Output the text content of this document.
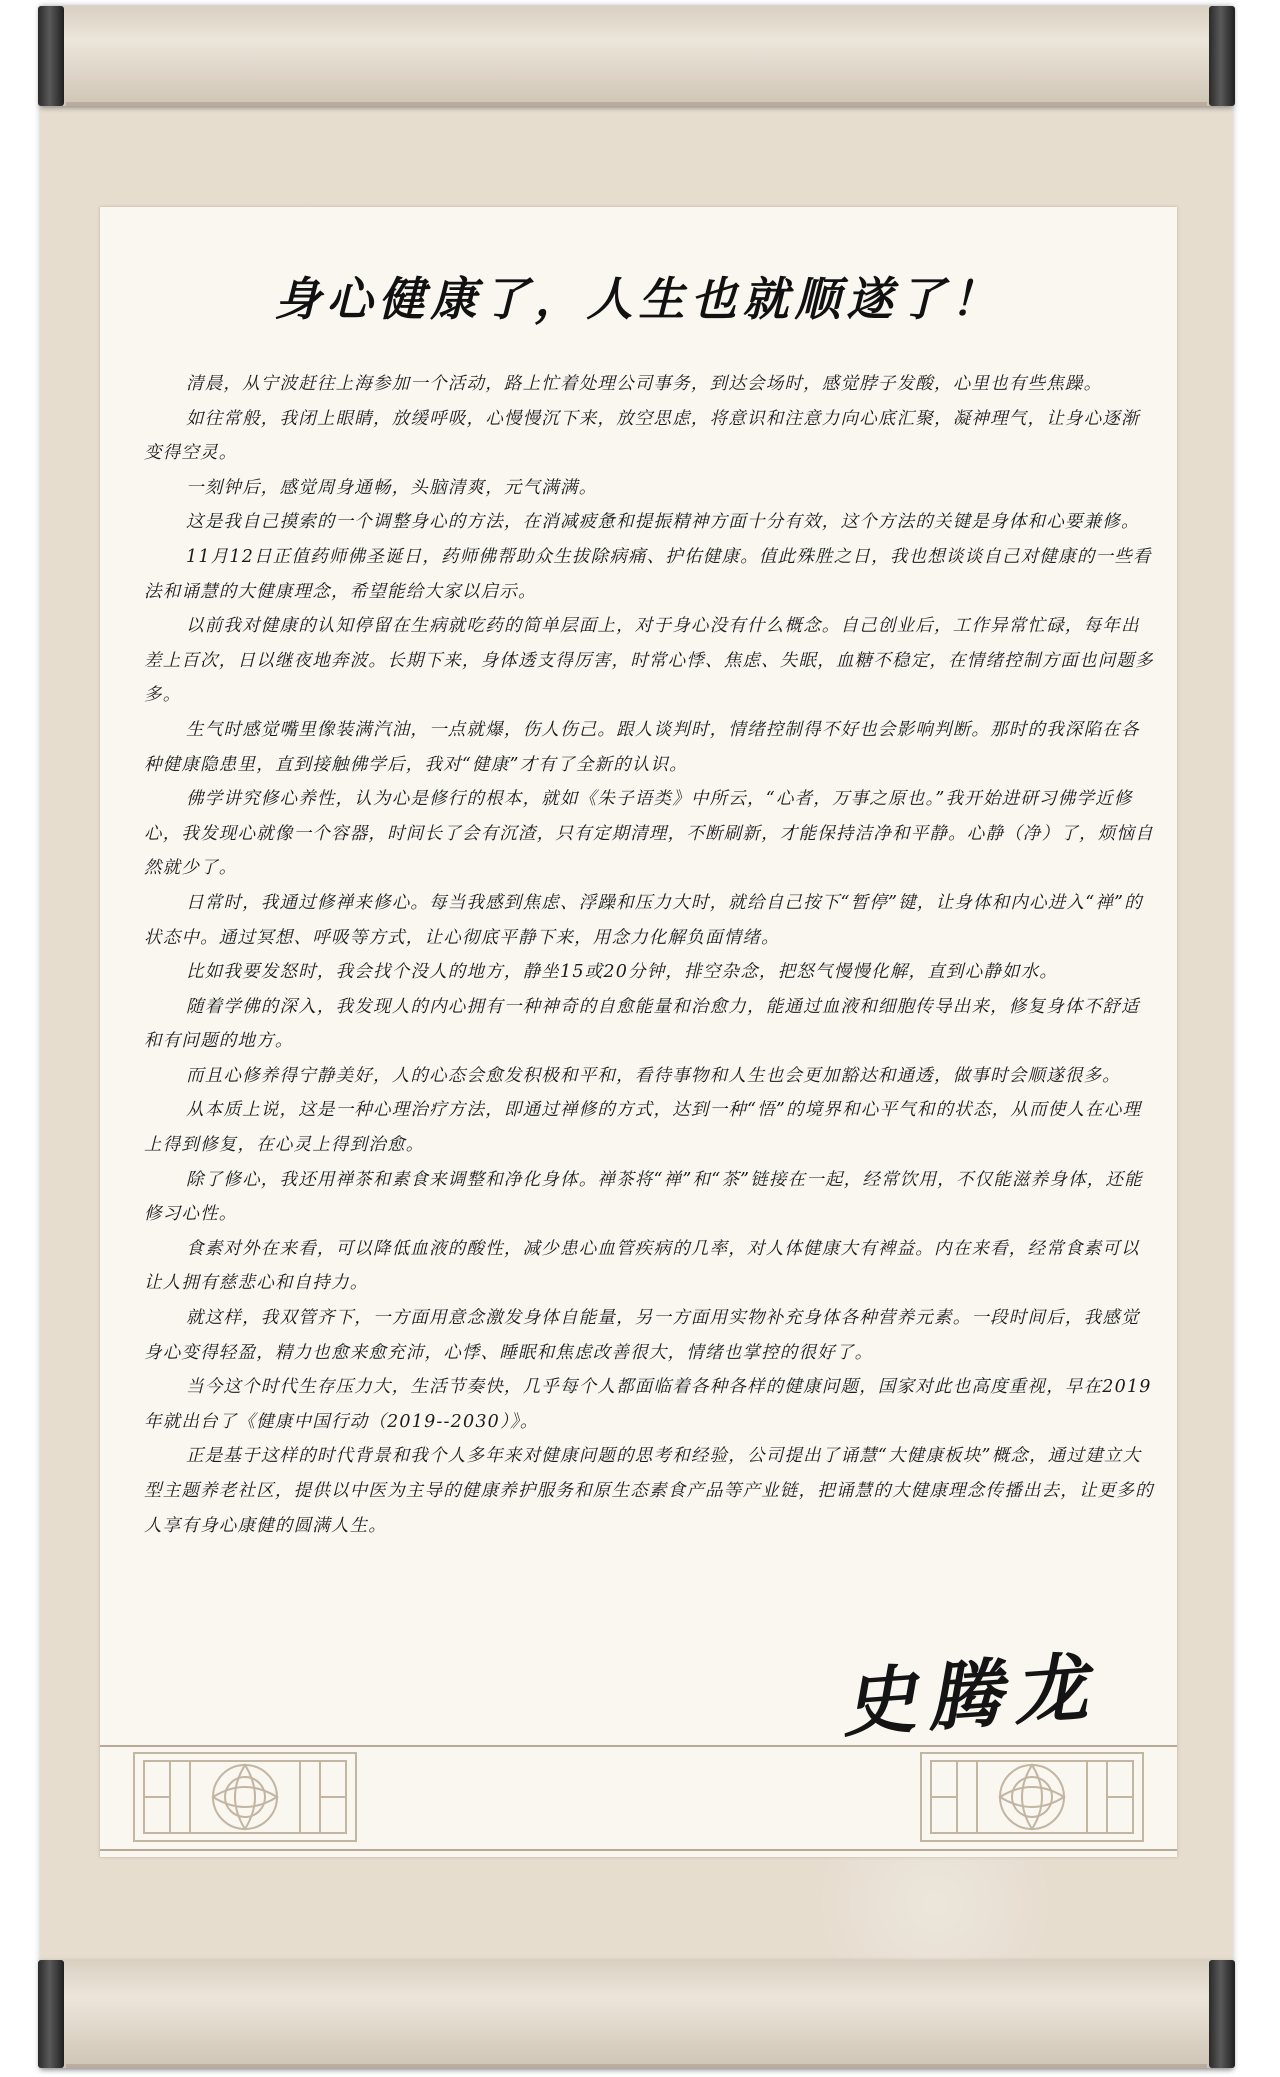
身心健康了，人生也就顺遂了！

清晨，从宁波赶往上海参加一个活动，路上忙着处理公司事务，到达会场时，感觉脖子发酸，心里也有些焦躁。

如往常般，我闭上眼睛，放缓呼吸，心慢慢沉下来，放空思虑，将意识和注意力向心底汇聚，凝神理气，让身心逐渐变得空灵。

一刻钟后，感觉周身通畅，头脑清爽，元气满满。

这是我自己摸索的一个调整身心的方法，在消减疲惫和提振精神方面十分有效，这个方法的关键是身体和心要兼修。

11月12日正值药师佛圣诞日，药师佛帮助众生拔除病痛、护佑健康。值此殊胜之日，我也想谈谈自己对健康的一些看法和诵慧的大健康理念，希望能给大家以启示。

以前我对健康的认知停留在生病就吃药的简单层面上，对于身心没有什么概念。自己创业后，工作异常忙碌，每年出差上百次，日以继夜地奔波。长期下来，身体透支得厉害，时常心悸、焦虑、失眠，血糖不稳定，在情绪控制方面也问题多多。

生气时感觉嘴里像装满汽油，一点就爆，伤人伤己。跟人谈判时，情绪控制得不好也会影响判断。那时的我深陷在各种健康隐患里，直到接触佛学后，我对“健康”才有了全新的认识。

佛学讲究修心养性，认为心是修行的根本，就如《朱子语类》中所云，“心者，万事之原也。”我开始进研习佛学近修心，我发现心就像一个容器，时间长了会有沉渣，只有定期清理，不断刷新，才能保持洁净和平静。心静（净）了，烦恼自然就少了。

日常时，我通过修禅来修心。每当我感到焦虑、浮躁和压力大时，就给自己按下“暂停”键，让身体和内心进入“禅”的状态中。通过冥想、呼吸等方式，让心彻底平静下来，用念力化解负面情绪。

比如我要发怒时，我会找个没人的地方，静坐15或20分钟，排空杂念，把怒气慢慢化解，直到心静如水。

随着学佛的深入，我发现人的内心拥有一种神奇的自愈能量和治愈力，能通过血液和细胞传导出来，修复身体不舒适和有问题的地方。

而且心修养得宁静美好，人的心态会愈发积极和平和，看待事物和人生也会更加豁达和通透，做事时会顺遂很多。

从本质上说，这是一种心理治疗方法，即通过禅修的方式，达到一种“悟”的境界和心平气和的状态，从而使人在心理上得到修复，在心灵上得到治愈。

除了修心，我还用禅茶和素食来调整和净化身体。禅茶将“禅”和“茶”链接在一起，经常饮用，不仅能滋养身体，还能修习心性。

食素对外在来看，可以降低血液的酸性，减少患心血管疾病的几率，对人体健康大有裨益。内在来看，经常食素可以让人拥有慈悲心和自持力。

就这样，我双管齐下，一方面用意念激发身体自能量，另一方面用实物补充身体各种营养元素。一段时间后，我感觉身心变得轻盈，精力也愈来愈充沛，心悸、睡眠和焦虑改善很大，情绪也掌控的很好了。

当今这个时代生存压力大，生活节奏快，几乎每个人都面临着各种各样的健康问题，国家对此也高度重视，早在2019年就出台了《健康中国行动（2019--2030）》。

正是基于这样的时代背景和我个人多年来对健康问题的思考和经验，公司提出了诵慧“大健康板块”概念，通过建立大型主题养老社区，提供以中医为主导的健康养护服务和原生态素食产品等产业链，把诵慧的大健康理念传播出去，让更多的人享有身心康健的圆满人生。

史腾龙
